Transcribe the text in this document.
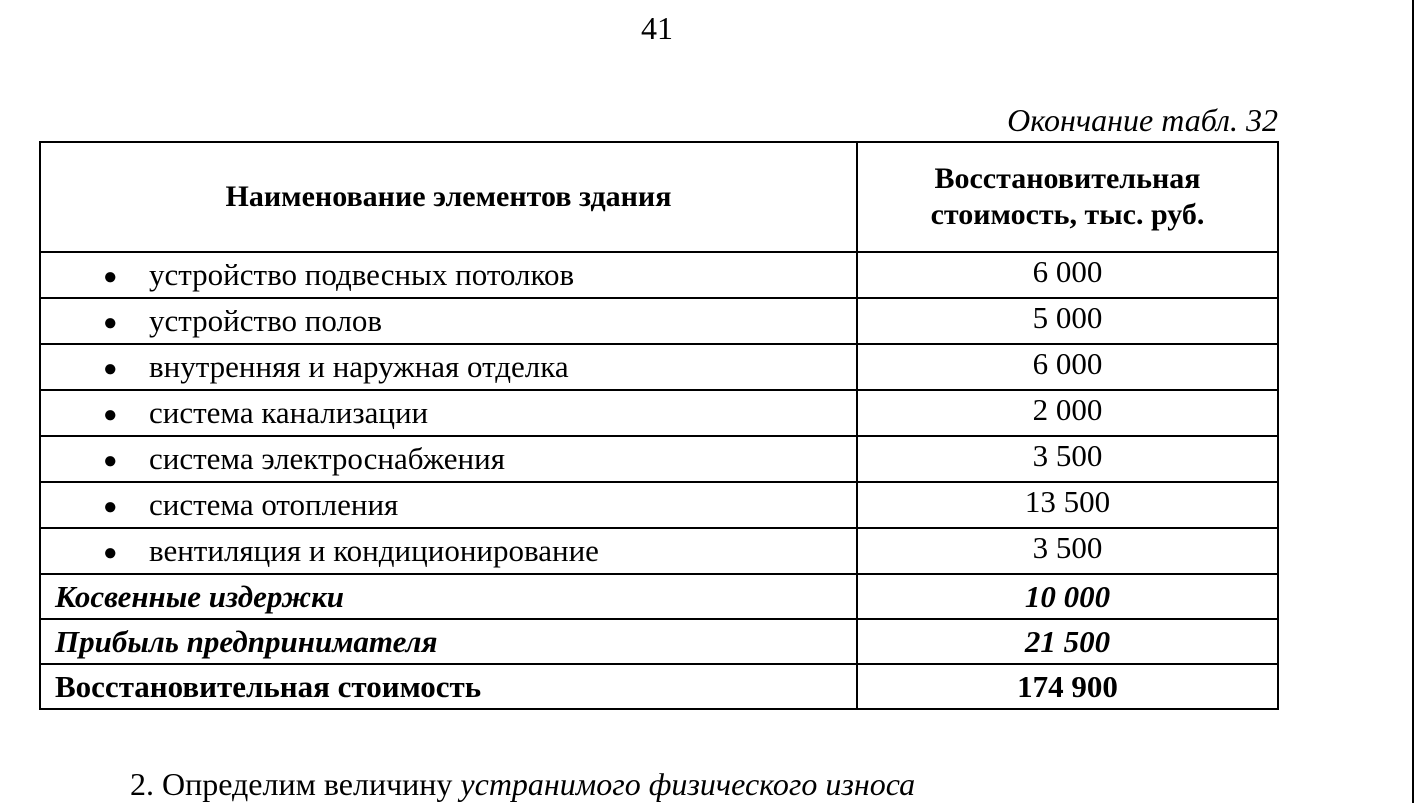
41
Окончание табл. 32
Наименование элементов здания	Восстановительная
стоимость, тыс. руб.
● устройство подвесных потолков	6 000
● устройство полов	5 000
● внутренняя и наружная отделка	6 000
● система канализации	2 000
● система электроснабжения	3 500
● система отопления	13 500
● вентиляция и кондиционирование	3 500
Косвенные издержки	10 000
Прибыль предпринимателя	21 500
Восстановительная стоимость	174 900
2. Определим величину устранимого физического износа
